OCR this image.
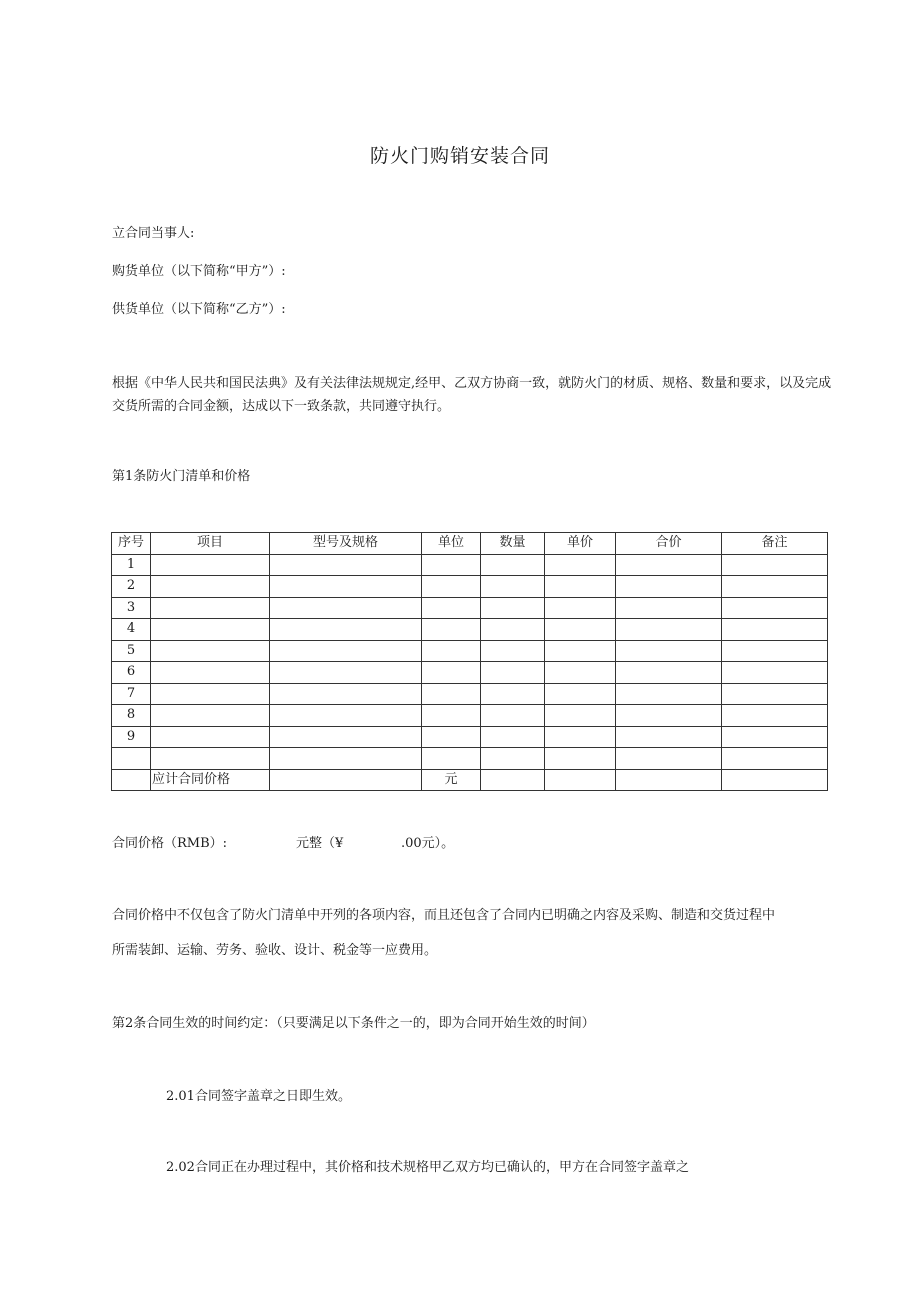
防火门购销安装合同
立合同当事人:
购货单位（以下简称“甲方”）:
供货单位（以下简称“乙方”）:
根据《中华人民共和国民法典》及有关法律法规规定,经甲、乙双方协商一致，就防火门的材质、规格、数量和要求，以及完成交货所需的合同金额，达成以下一致条款，共同遵守执行。
第1条防火门清单和价格
序号	项目	型号及规格	单位	数量	单价	合价	备注
1							
2							
3							
4							
5							
6							
7							
8							
9							

	应计合同价格		元				
合同价格（RMB）:	元整（¥	.00元）。
合同价格中不仅包含了防火门清单中开列的各项内容，而且还包含了合同内已明确之内容及采购、制造和交货过程中
所需装卸、运输、劳务、验收、设计、税金等一应费用。
第2条合同生效的时间约定：（只要满足以下条件之一的，即为合同开始生效的时间）
2.01合同签字盖章之日即生效。
2.02合同正在办理过程中，其价格和技术规格甲乙双方均已确认的，甲方在合同签字盖章之
